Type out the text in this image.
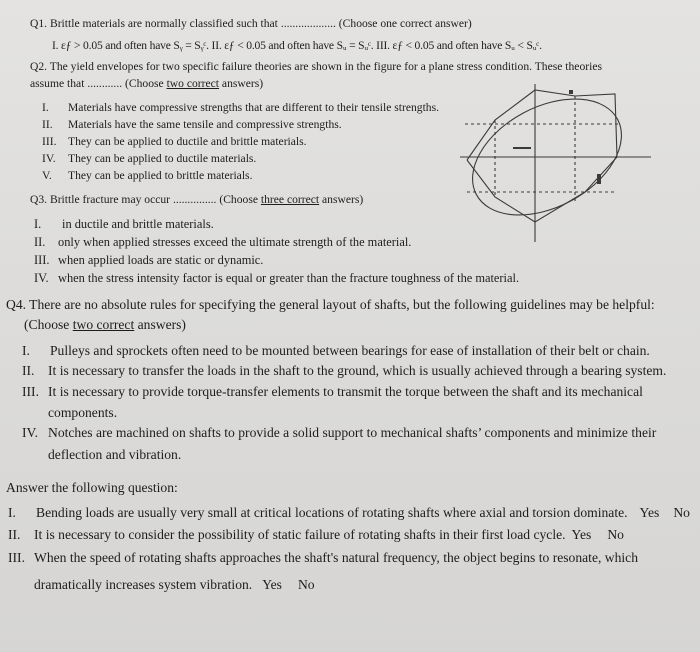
Q1. Brittle materials are normally classified such that ................... (Choose one correct answer)
I. εƒ > 0.05 and often have Sᵧ = Sᵧᶜ. II. εƒ < 0.05 and often have Sᵤ = Sᵤᶜ. III. εƒ < 0.05 and often have Sᵤ < Sᵤᶜ.
Q2. The yield envelopes for two specific failure theories are shown in the figure for a plane stress condition. These theories
assume that ............ (Choose two correct answers)
I. Materials have compressive strengths that are different to their tensile strengths.
II. Materials have the same tensile and compressive strengths.
III. They can be applied to ductile and brittle materials.
IV. They can be applied to ductile materials.
V. They can be applied to brittle materials.
Q3. Brittle fracture may occur ............... (Choose three correct answers)
I. in ductile and brittle materials.
II. only when applied stresses exceed the ultimate strength of the material.
III. when applied loads are static or dynamic.
IV. when the stress intensity factor is equal or greater than the fracture toughness of the material.
Q4. There are no absolute rules for specifying the general layout of shafts, but the following guidelines may be helpful:
(Choose two correct answers)
I. Pulleys and sprockets often need to be mounted between bearings for ease of installation of their belt or chain.
II. It is necessary to transfer the loads in the shaft to the ground, which is usually achieved through a bearing system.
III. It is necessary to provide torque-transfer elements to transmit the torque between the shaft and its mechanical
components.
IV. Notches are machined on shafts to provide a solid support to mechanical shafts’ components and minimize their
deflection and vibration.
Answer the following question:
I. Bending loads are usually very small at critical locations of rotating shafts where axial and torsion dominate. Yes No
II. It is necessary to consider the possibility of static failure of rotating shafts in their first load cycle. Yes No
III. When the speed of rotating shafts approaches the shaft's natural frequency, the object begins to resonate, which
dramatically increases system vibration. Yes No
